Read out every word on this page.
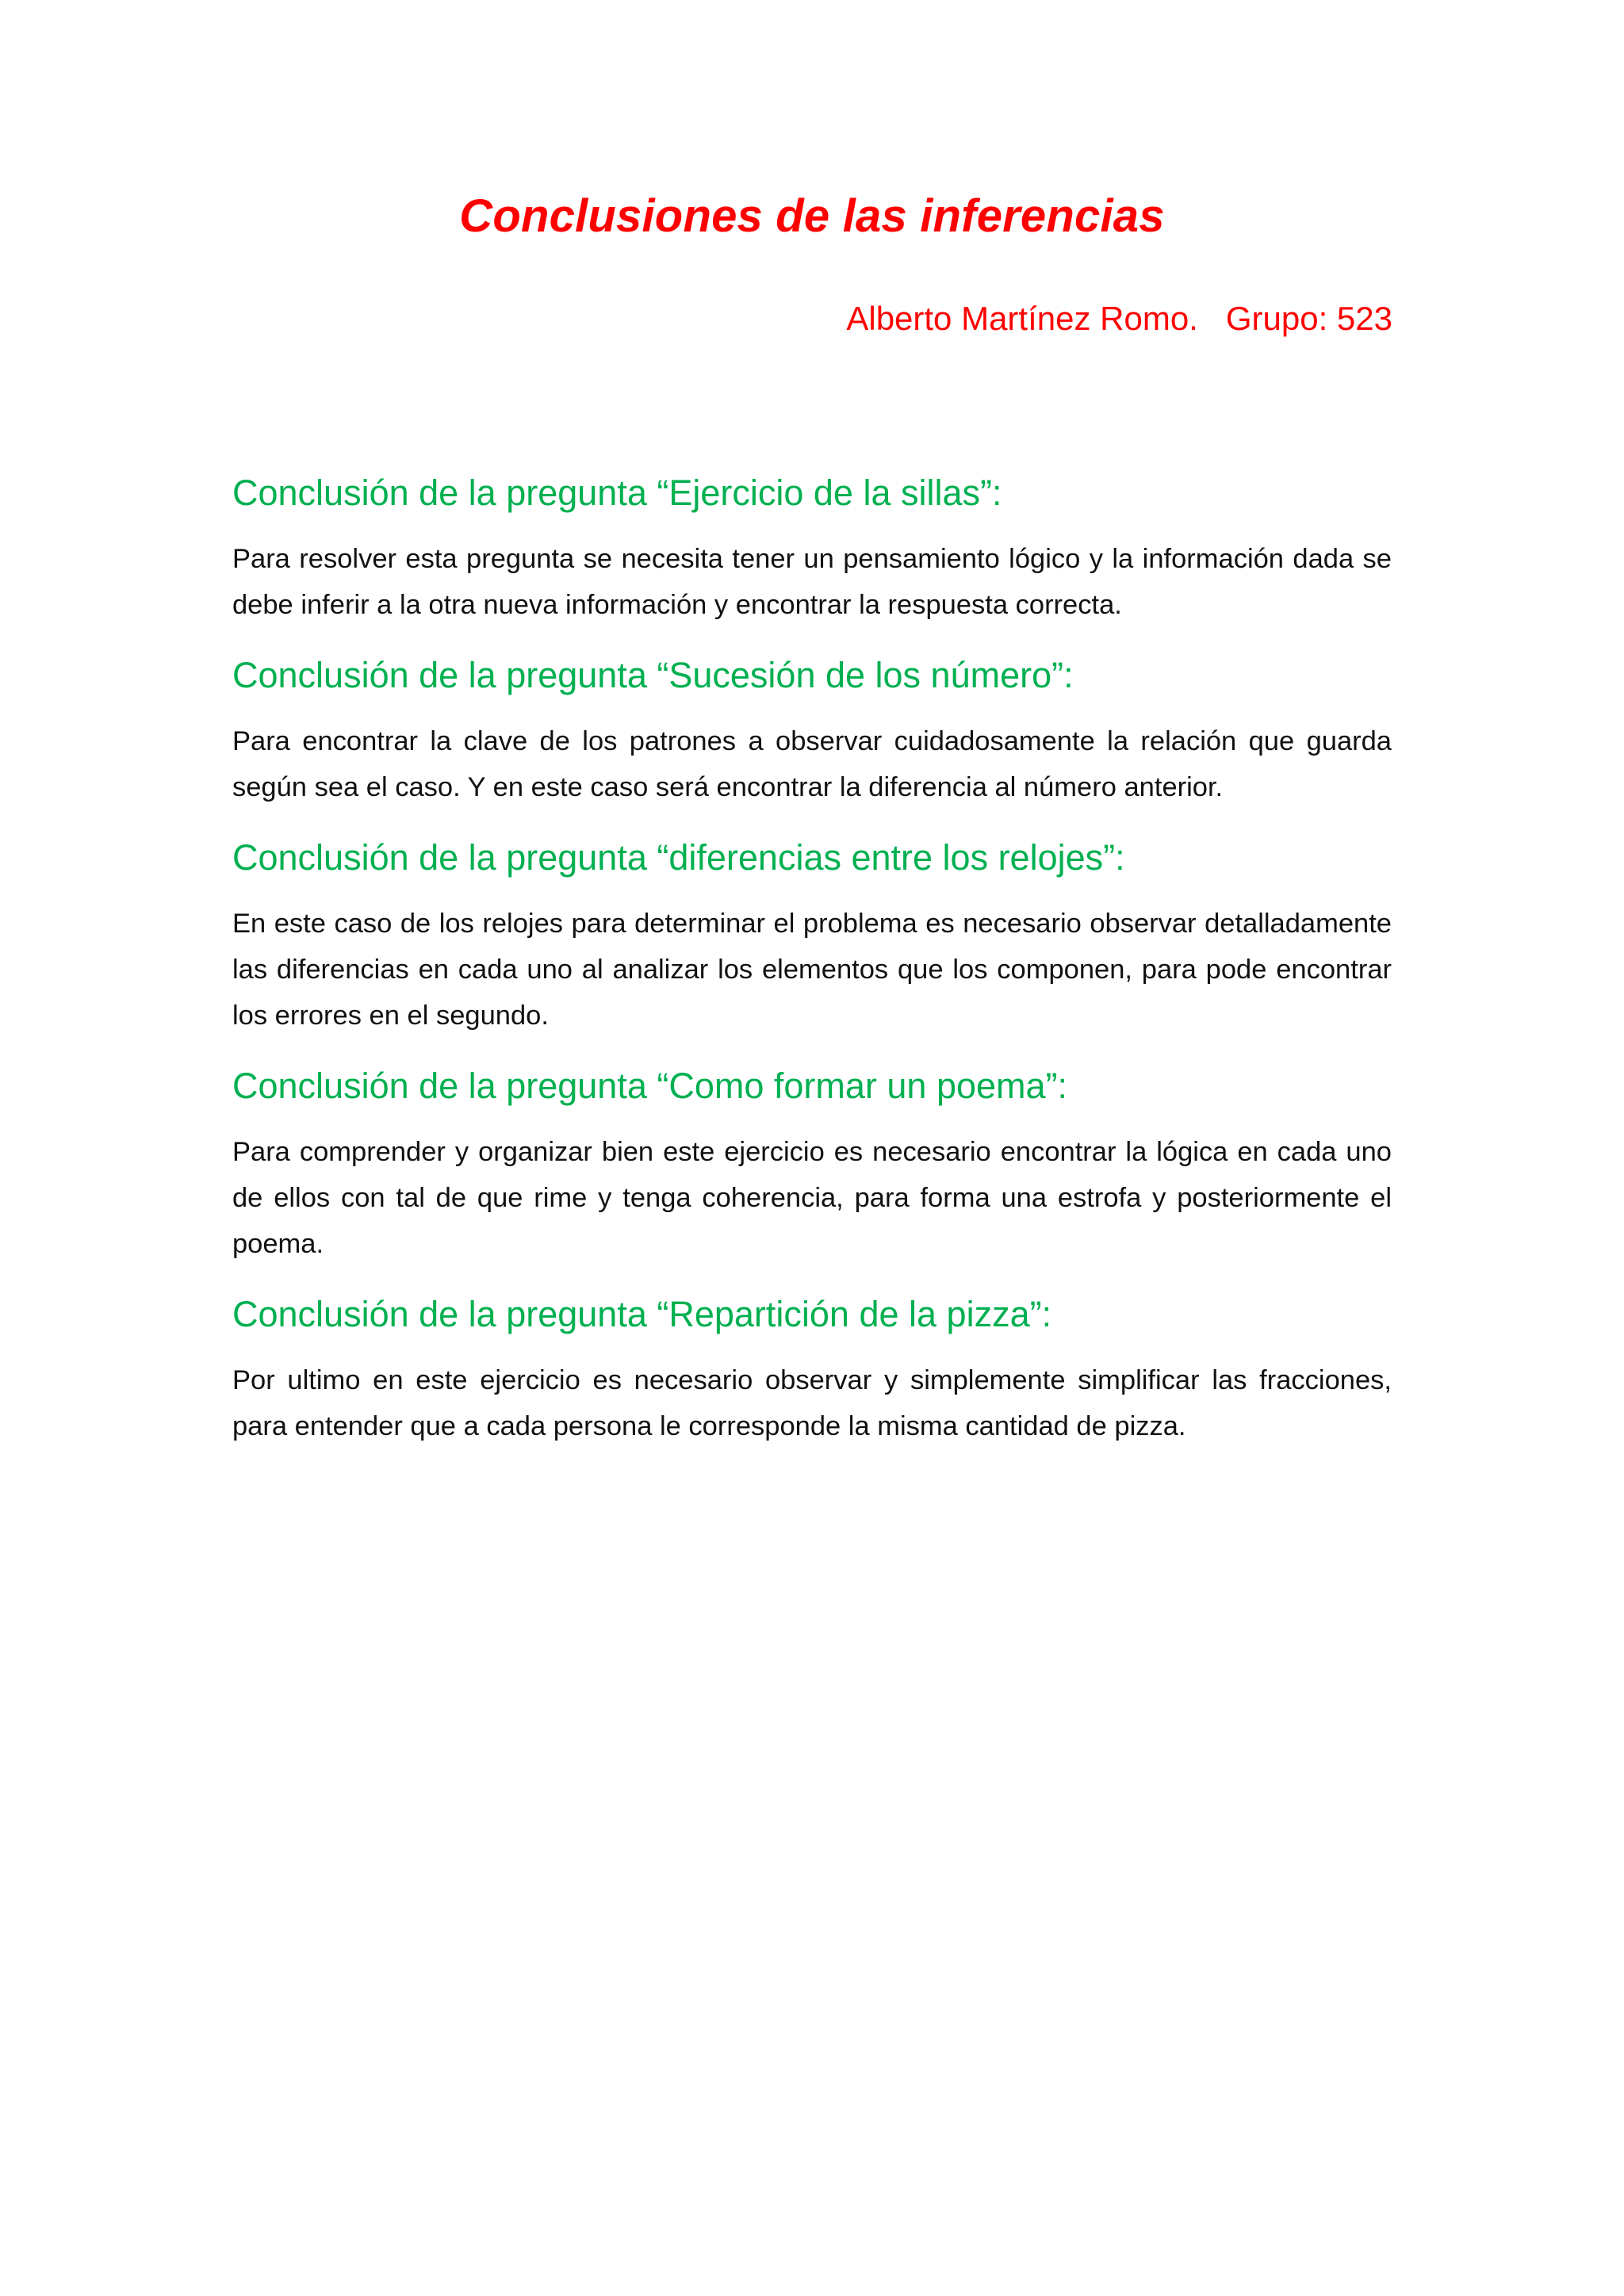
Conclusiones de las inferencias
Alberto Martínez Romo.   Grupo: 523
Conclusión de la pregunta “Ejercicio de la sillas”:

Para resolver esta pregunta se necesita tener un pensamiento lógico y la información dada se debe inferir a la otra nueva información y encontrar la respuesta correcta.

Conclusión de la pregunta “Sucesión de los número”:

Para encontrar la clave de los patrones a observar cuidadosamente la relación que guarda según sea el caso. Y en este caso será encontrar la diferencia al número anterior.

Conclusión de la pregunta “diferencias entre los relojes”:

En este caso de los relojes para determinar el problema es necesario observar detalladamente las diferencias en cada uno al analizar los elementos que los componen, para pode encontrar los errores en el segundo.

Conclusión de la pregunta “Como formar un poema”:

Para comprender y organizar bien este ejercicio es necesario encontrar la lógica en cada uno de ellos con tal de que rime y tenga coherencia, para forma una estrofa y posteriormente el poema.

Conclusión de la pregunta “Repartición de la pizza”:

Por ultimo en este ejercicio es necesario observar y simplemente simplificar las fracciones, para entender que a cada persona le corresponde la misma cantidad de pizza.
